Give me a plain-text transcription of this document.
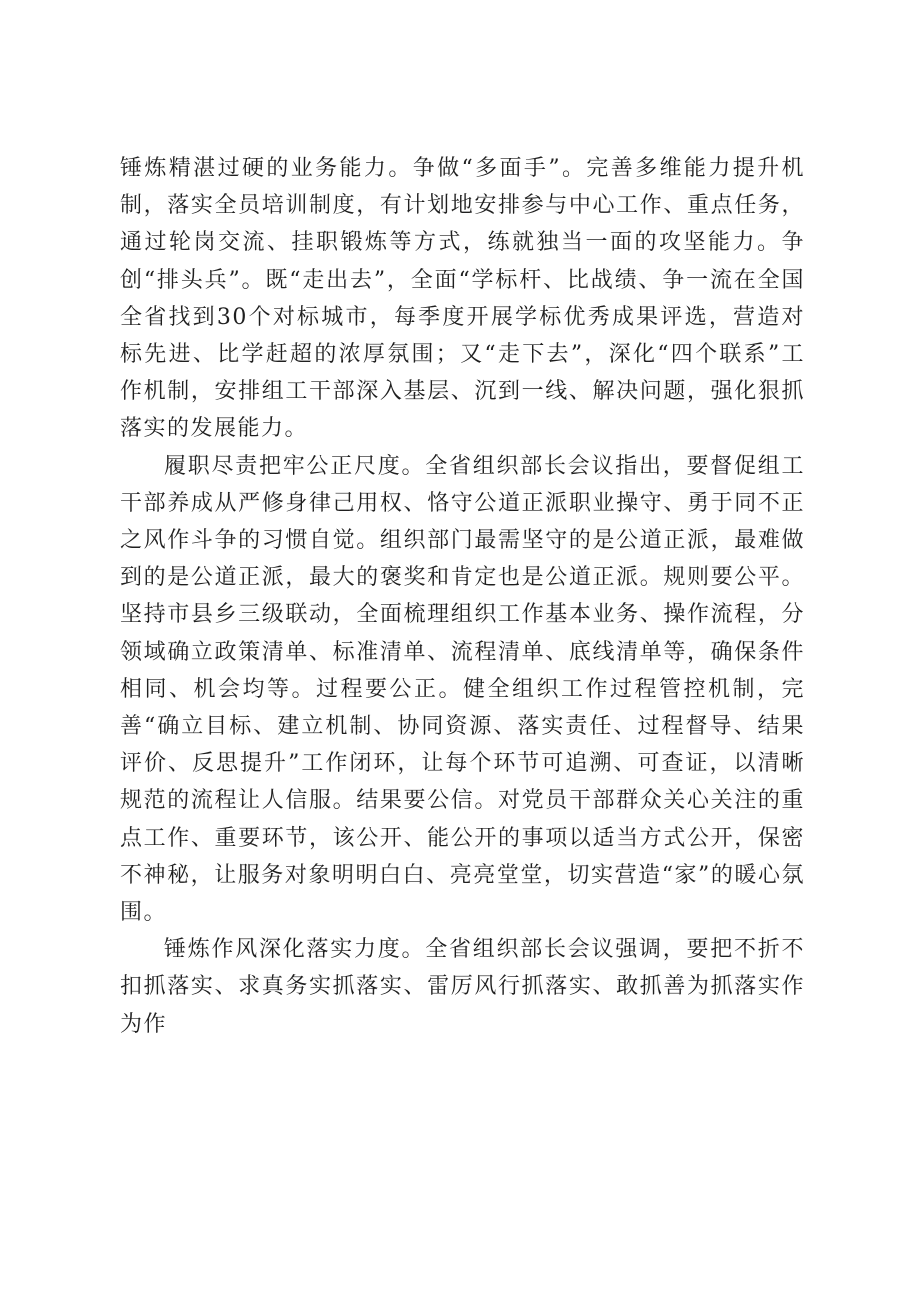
锤炼精湛过硬的业务能力。争做“多面手”。完善多维能力提升机制，落实全员培训制度，有计划地安排参与中心工作、重点任务，通过轮岗交流、挂职锻炼等方式，练就独当一面的攻坚能力。争创“排头兵”。既“走出去”，全面“学标杆、比战绩、争一流在全国全省找到30个对标城市，每季度开展学标优秀成果评选，营造对标先进、比学赶超的浓厚氛围；又“走下去”，深化“四个联系”工作机制，安排组工干部深入基层、沉到一线、解决问题，强化狠抓落实的发展能力。

履职尽责把牢公正尺度。全省组织部长会议指出，要督促组工干部养成从严修身律己用权、恪守公道正派职业操守、勇于同不正之风作斗争的习惯自觉。组织部门最需坚守的是公道正派，最难做到的是公道正派，最大的褒奖和肯定也是公道正派。规则要公平。坚持市县乡三级联动，全面梳理组织工作基本业务、操作流程，分领域确立政策清单、标准清单、流程清单、底线清单等，确保条件相同、机会均等。过程要公正。健全组织工作过程管控机制，完善“确立目标、建立机制、协同资源、落实责任、过程督导、结果评价、反思提升”工作闭环，让每个环节可追溯、可查证，以清晰规范的流程让人信服。结果要公信。对党员干部群众关心关注的重点工作、重要环节，该公开、能公开的事项以适当方式公开，保密不神秘，让服务对象明明白白、亮亮堂堂，切实营造“家”的暖心氛围。

锤炼作风深化落实力度。全省组织部长会议强调，要把不折不扣抓落实、求真务实抓落实、雷厉风行抓落实、敢抓善为抓落实作为作
